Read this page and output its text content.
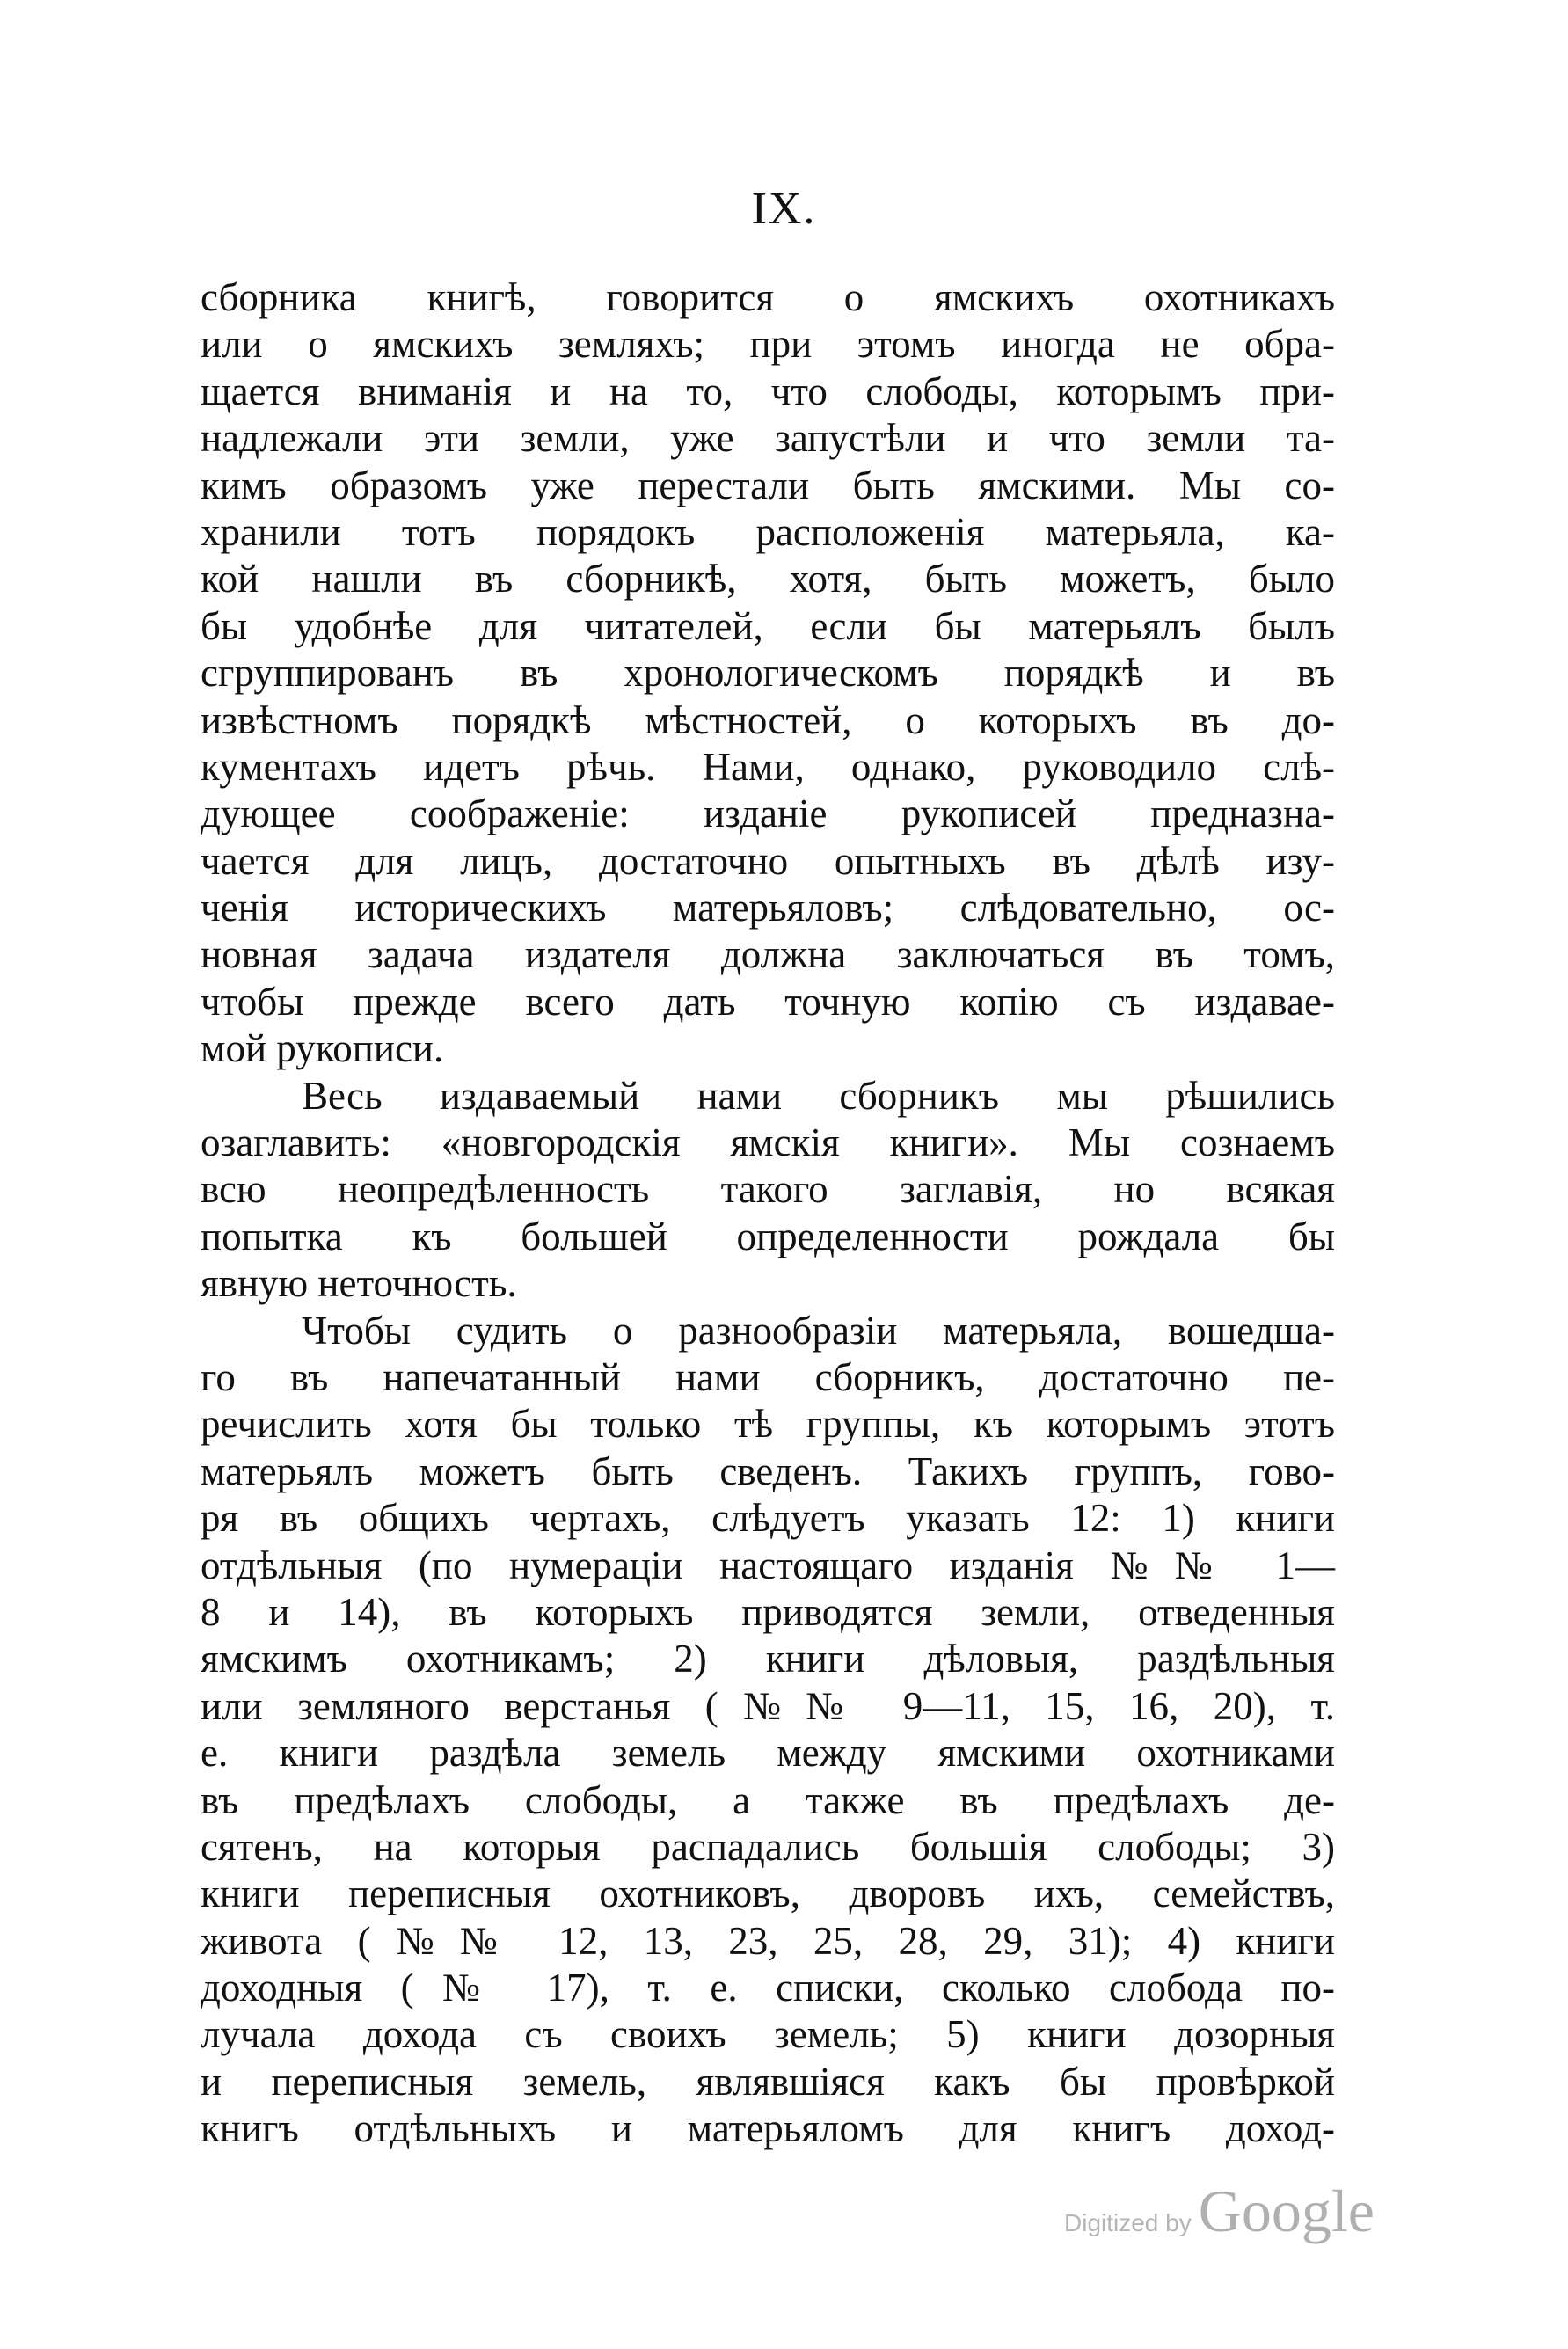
IX.
сборника книгѣ, говорится о ямскихъ охотникахъ
или о ямскихъ земляхъ; при этомъ иногда не обра-
щается вниманія и на то, что слободы, которымъ при-
надлежали эти земли, уже запустѣли и что земли та-
кимъ образомъ уже перестали быть ямскими. Мы со-
хранили тотъ порядокъ расположенія матерьяла, ка-
кой нашли въ сборникѣ, хотя, быть можетъ, было
бы удобнѣе для читателей, если бы матерьялъ былъ
сгруппированъ въ хронологическомъ порядкѣ и въ
извѣстномъ порядкѣ мѣстностей, о которыхъ въ до-
кументахъ идетъ рѣчь. Нами, однако, руководило слѣ-
дующее соображеніе: изданіе рукописей предназна-
чается для лицъ, достаточно опытныхъ въ дѣлѣ изу-
ченія историческихъ матерьяловъ; слѣдовательно, ос-
новная задача издателя должна заключаться въ томъ,
чтобы прежде всего дать точную копію съ издавае-
мой рукописи.
Весь издаваемый нами сборникъ мы рѣшились
озаглавить: «новгородскія ямскія книги». Мы сознаемъ
всю неопредѣленность такого заглавія, но всякая
попытка къ большей определенности рождала бы
явную неточность.
Чтобы судить о разнообразіи матерьяла, вошедша-
го въ напечатанный нами сборникъ, достаточно пе-
речислить хотя бы только тѣ группы, къ которымъ этотъ
матерьялъ можетъ быть сведенъ. Такихъ группъ, гово-
ря въ общихъ чертахъ, слѣдуетъ указать 12: 1) книги
отдѣльныя (по нумераціи настоящаго изданія №№ 1—
8 и 14), въ которыхъ приводятся земли, отведенныя
ямскимъ охотникамъ; 2) книги дѣловыя, раздѣльныя
или земляного верстанья (№№ 9—11, 15, 16, 20), т.
е. книги раздѣла земель между ямскими охотниками
въ предѣлахъ слободы, а также въ предѣлахъ де-
сятенъ, на которыя распадались большія слободы; 3)
книги переписныя охотниковъ, дворовъ ихъ, семействъ,
живота (№№ 12, 13, 23, 25, 28, 29, 31); 4) книги
доходныя (№ 17), т. е. списки, сколько слобода по-
лучала дохода съ своихъ земель; 5) книги дозорныя
и переписныя земель, являвшіяся какъ бы провѣркой
книгъ отдѣльныхъ и матерьяломъ для книгъ доход-
Digitized by Google
